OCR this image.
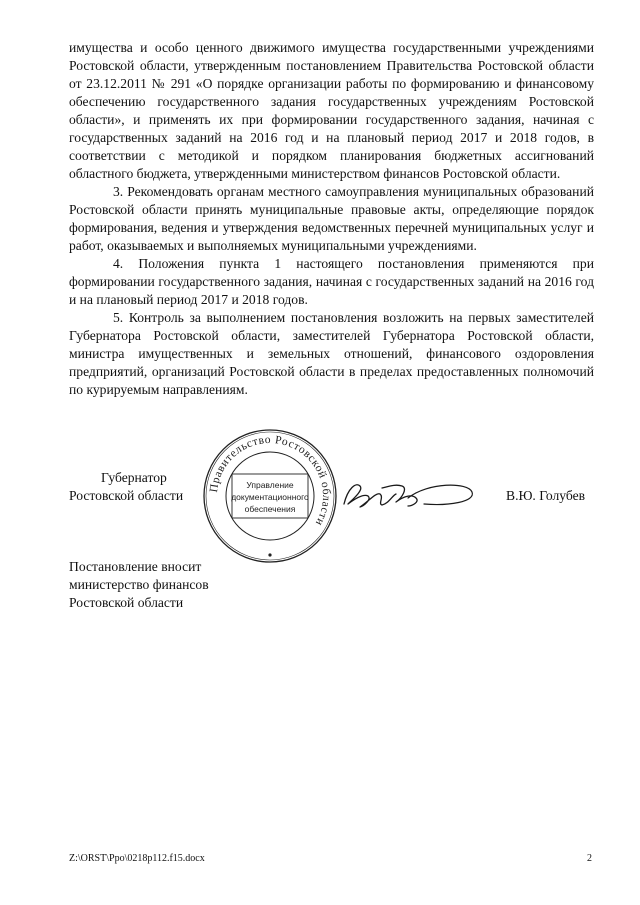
имущества и особо ценного движимого имущества государственными учреждениями Ростовской области, утвержденным постановлением Правительства Ростовской области от 23.12.2011 № 291 «О порядке организации работы по формированию и финансовому обеспечению государственного задания государственных учреждениям Ростовской области», и применять их при формировании государственного задания, начиная с государственных заданий на 2016 год и на плановый период 2017 и 2018 годов, в соответствии с методикой и порядком планирования бюджетных ассигнований областного бюджета, утвержденными министерством финансов Ростовской области.

3. Рекомендовать органам местного самоуправления муниципальных образований Ростовской области принять муниципальные правовые акты, определяющие порядок формирования, ведения и утверждения ведомственных перечней муниципальных услуг и работ, оказываемых и выполняемых муниципальными учреждениями.

4. Положения пункта 1 настоящего постановления применяются при формировании государственного задания, начиная с государственных заданий на 2016 год и на плановый период 2017 и 2018 годов.

5. Контроль за выполнением постановления возложить на первых заместителей Губернатора Ростовской области, заместителей Губернатора Ростовской области, министра имущественных и земельных отношений, финансового оздоровления предприятий, организаций Ростовской области в пределах предоставленных полномочий по курируемым направлениям.

Губернатор
Ростовской области
Правительство Ростовской области
Управление
документационного
обеспечения
В.Ю. Голубев
Постановление вносит
министерство финансов
Ростовской области
Z:\ORST\Ppo\0218p112.f15.docx	2
